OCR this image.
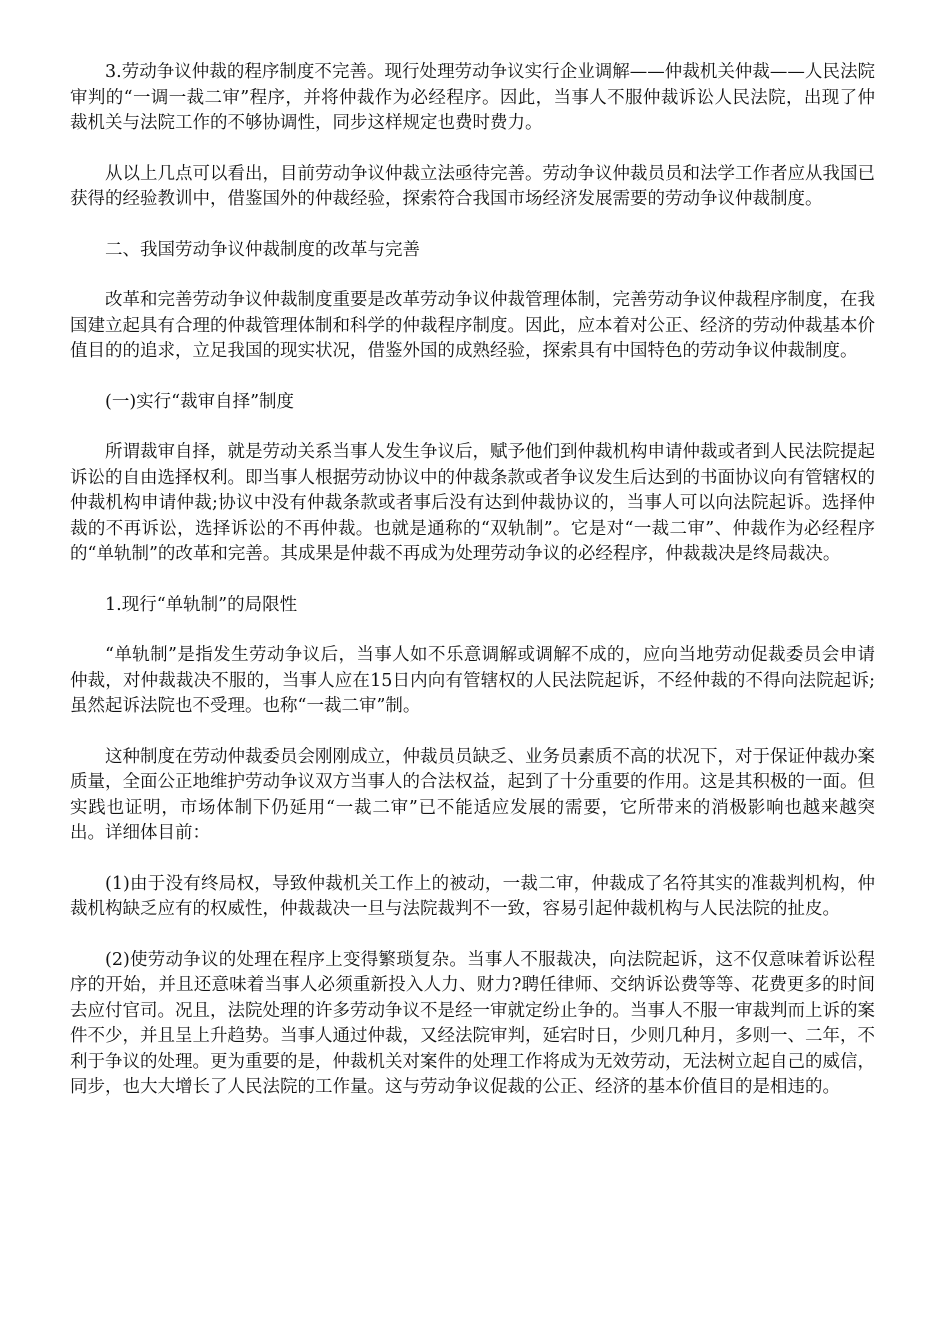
3.劳动争议仲裁的程序制度不完善。现行处理劳动争议实行企业调解——仲裁机关仲裁——人民法院审判的“一调一裁二审”程序，并将仲裁作为必经程序。因此，当事人不服仲裁诉讼人民法院，出现了仲裁机关与法院工作的不够协调性，同步这样规定也费时费力。

从以上几点可以看出，目前劳动争议仲裁立法亟待完善。劳动争议仲裁员员和法学工作者应从我国已获得的经验教训中，借鉴国外的仲裁经验，探索符合我国市场经济发展需要的劳动争议仲裁制度。

二、我国劳动争议仲裁制度的改革与完善

改革和完善劳动争议仲裁制度重要是改革劳动争议仲裁管理体制，完善劳动争议仲裁程序制度，在我国建立起具有合理的仲裁管理体制和科学的仲裁程序制度。因此，应本着对公正、经济的劳动仲裁基本价值目的的追求，立足我国的现实状况，借鉴外国的成熟经验，探索具有中国特色的劳动争议仲裁制度。

(一)实行“裁审自择”制度

所谓裁审自择，就是劳动关系当事人发生争议后，赋予他们到仲裁机构申请仲裁或者到人民法院提起诉讼的自由选择权利。即当事人根据劳动协议中的仲裁条款或者争议发生后达到的书面协议向有管辖权的仲裁机构申请仲裁;协议中没有仲裁条款或者事后没有达到仲裁协议的，当事人可以向法院起诉。选择仲裁的不再诉讼，选择诉讼的不再仲裁。也就是通称的“双轨制”。它是对“一裁二审”、仲裁作为必经程序的“单轨制”的改革和完善。其成果是仲裁不再成为处理劳动争议的必经程序，仲裁裁决是终局裁决。

1.现行“单轨制”的局限性

“单轨制”是指发生劳动争议后，当事人如不乐意调解或调解不成的，应向当地劳动促裁委员会申请仲裁，对仲裁裁决不服的，当事人应在15日内向有管辖权的人民法院起诉，不经仲裁的不得向法院起诉;虽然起诉法院也不受理。也称“一裁二审”制。

这种制度在劳动仲裁委员会刚刚成立，仲裁员员缺乏、业务员素质不高的状况下，对于保证仲裁办案质量，全面公正地维护劳动争议双方当事人的合法权益，起到了十分重要的作用。这是其积极的一面。但实践也证明，市场体制下仍延用“一裁二审”已不能适应发展的需要，它所带来的消极影响也越来越突出。详细体目前：

(1)由于没有终局权，导致仲裁机关工作上的被动，一裁二审，仲裁成了名符其实的准裁判机构，仲裁机构缺乏应有的权威性，仲裁裁决一旦与法院裁判不一致，容易引起仲裁机构与人民法院的扯皮。

(2)使劳动争议的处理在程序上变得繁琐复杂。当事人不服裁决，向法院起诉，这不仅意味着诉讼程序的开始，并且还意味着当事人必须重新投入人力、财力?聘任律师、交纳诉讼费等等、花费更多的时间去应付官司。况且，法院处理的许多劳动争议不是经一审就定纷止争的。当事人不服一审裁判而上诉的案件不少，并且呈上升趋势。当事人通过仲裁，又经法院审判，延宕时日，少则几种月，多则一、二年，不利于争议的处理。更为重要的是，仲裁机关对案件的处理工作将成为无效劳动，无法树立起自己的威信，同步，也大大增长了人民法院的工作量。这与劳动争议促裁的公正、经济的基本价值目的是相违的。
